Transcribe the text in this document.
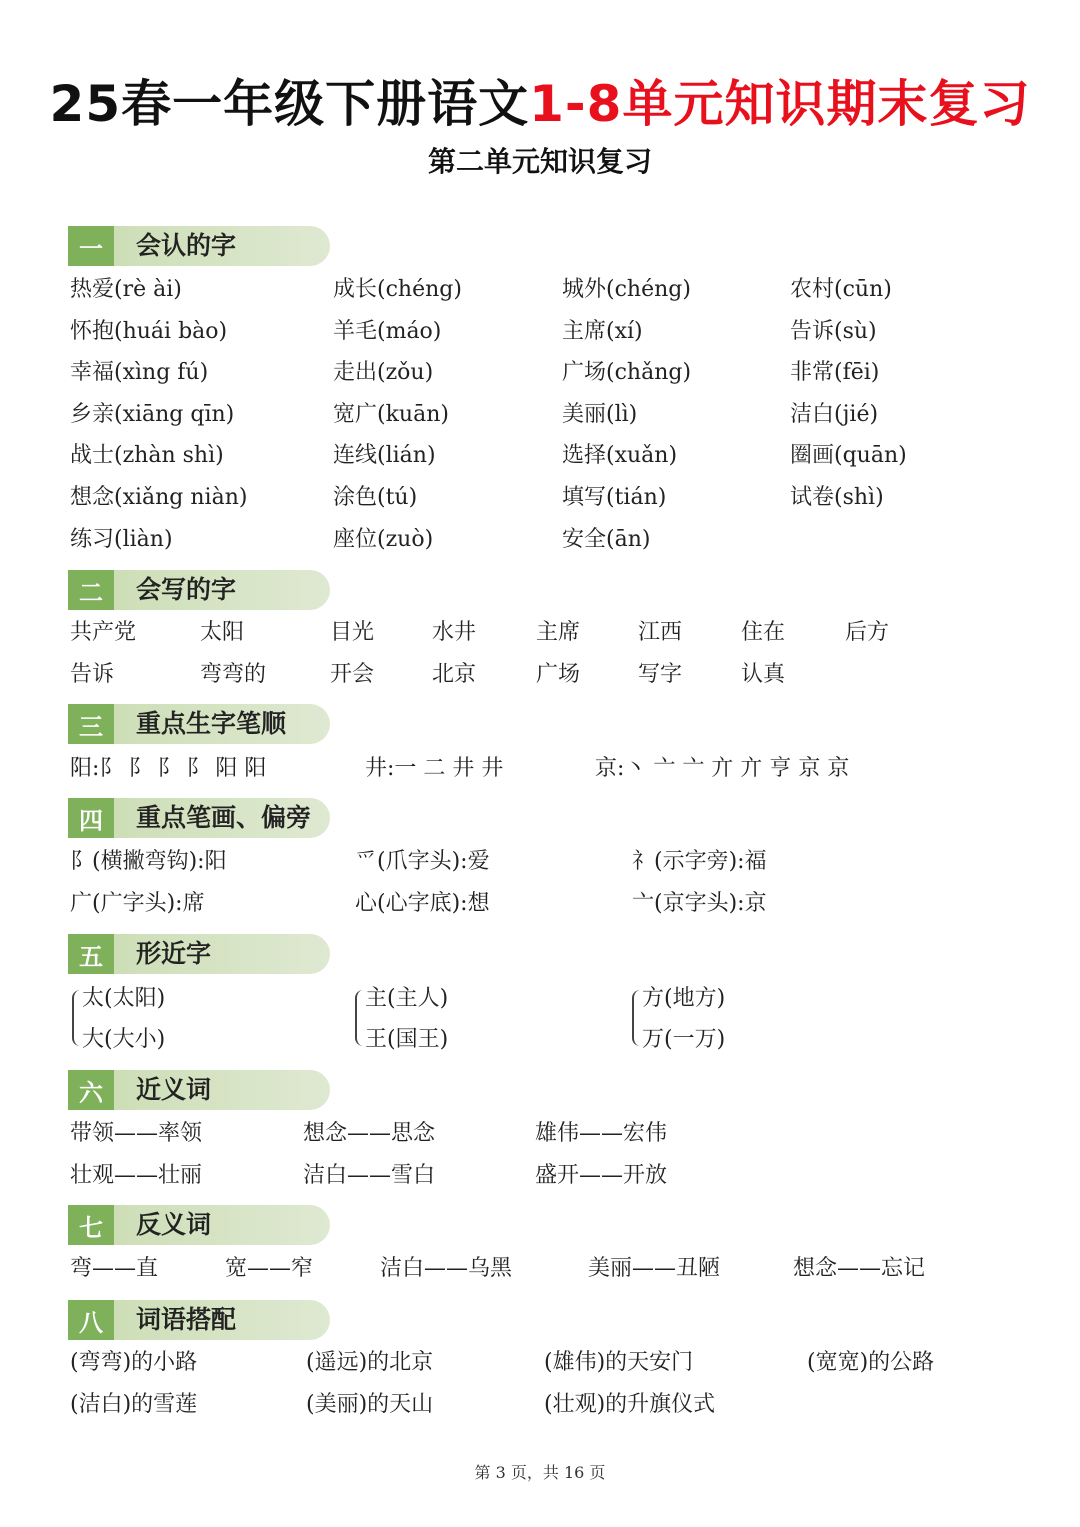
25春一年级下册语文1-8单元知识期末复习
第二单元知识复习
一	会认的字
热爱(rè ài)	成长(chéng)	城外(chéng)	农村(cūn)
怀抱(huái bào)	羊毛(máo)	主席(xí)	告诉(sù)
幸福(xìng fú)	走出(zǒu)	广场(chǎng)	非常(fēi)
乡亲(xiāng qīn)	宽广(kuān)	美丽(lì)	洁白(jié)
战士(zhàn shì)	连线(lián)	选择(xuǎn)	圈画(quān)
想念(xiǎng niàn)	涂色(tú)	填写(tián)	试卷(shì)
练习(liàn)	座位(zuò)	安全(ān)
二	会写的字
共产党	太阳	目光	水井	主席	江西	住在	后方
告诉	弯弯的	开会	北京	广场	写字	认真
三	重点生字笔顺
阳:阝 阝 阝 阝 阳 阳	井:一 二 井 井	京:丶 亠 亠 亣 亣 亨 京 京
四	重点笔画、偏旁
阝(横撇弯钩):阳	爫(爪字头):爱	礻(示字旁):福
广(广字头):席	心(心字底):想	亠(京字头):京
五	形近字
太(太阳)	主(主人)	方(地方)
大(大小)	王(国王)	万(一万)
六	近义词
带领——率领	想念——思念	雄伟——宏伟
壮观——壮丽	洁白——雪白	盛开——开放
七	反义词
弯——直	宽——窄	洁白——乌黑	美丽——丑陋	想念——忘记
八	词语搭配
(弯弯)的小路	(遥远)的北京	(雄伟)的天安门	(宽宽)的公路
(洁白)的雪莲	(美丽)的天山	(壮观)的升旗仪式
第 3 页，共 16 页
